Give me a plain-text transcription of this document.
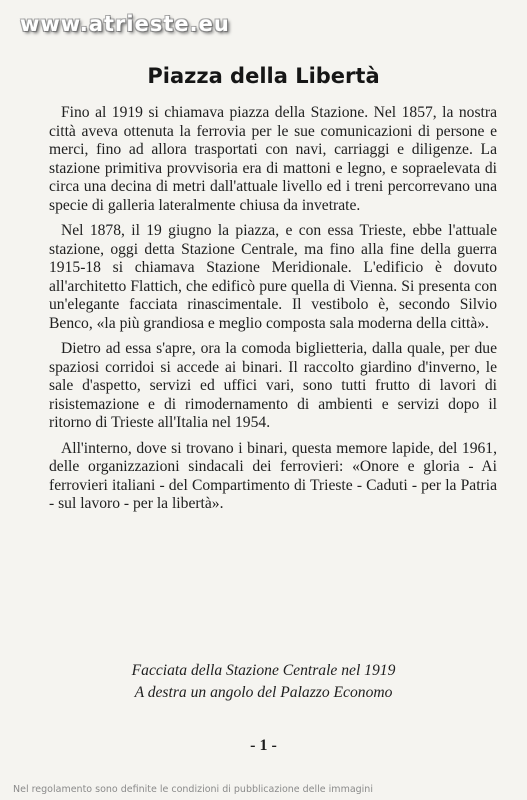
www.atrieste.eu
Piazza della Libertà

Fino al 1919 si chiamava piazza della Stazione. Nel 1857, la nostra città aveva ottenuta la ferrovia per le sue comunicazioni di persone e merci, fino ad allora trasportati con navi, carriaggi e diligenze. La stazione primitiva provvisoria era di mattoni e legno, e sopraelevata di circa una decina di metri dall'attuale livello ed i treni percorrevano una specie di galleria lateralmente chiusa da invetrate.

Nel 1878, il 19 giugno la piazza, e con essa Trieste, ebbe l'attuale stazione, oggi detta Stazione Centrale, ma fino alla fine della guerra 1915-18 si chiamava Stazione Meridionale. L'edificio è dovuto all'architetto Flattich, che edificò pure quella di Vienna. Si presenta con un'elegante facciata rinascimentale. Il vestibolo è, secondo Silvio Benco, «la più grandiosa e meglio composta sala moderna della città».

Dietro ad essa s'apre, ora la comoda biglietteria, dalla quale, per due spaziosi corridoi si accede ai binari. Il raccolto giardino d'inverno, le sale d'aspetto, servizi ed uffici vari, sono tutti frutto di lavori di risistemazione e di rimodernamento di ambienti e servizi dopo il ritorno di Trieste all'Italia nel 1954.

All'interno, dove si trovano i binari, questa memore lapide, del 1961, delle organizzazioni sindacali dei ferrovieri: «Onore e gloria - Ai ferrovieri italiani - del Compartimento di Trieste - Caduti - per la Patria - sul lavoro - per la libertà».

Facciata della Stazione Centrale nel 1919
A destra un angolo del Palazzo Economo
- 1 -
Nel regolamento sono definite le condizioni di pubblicazione delle immagini
